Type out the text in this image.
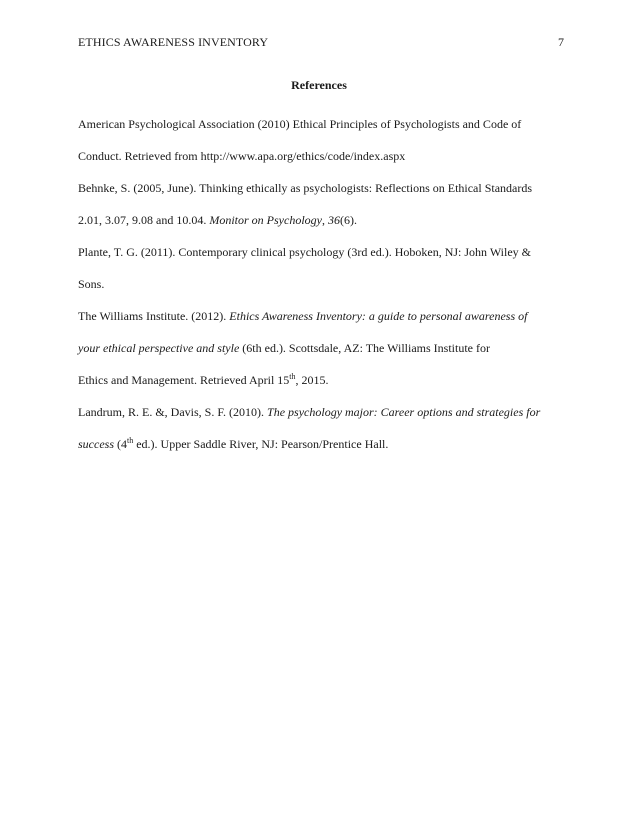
ETHICS AWARENESS INVENTORY	7
References
American Psychological Association (2010) Ethical Principles of Psychologists and Code of
Conduct. Retrieved from http://www.apa.org/ethics/code/index.aspx
Behnke, S. (2005, June). Thinking ethically as psychologists: Reflections on Ethical Standards
2.01, 3.07, 9.08 and 10.04. Monitor on Psychology, 36(6).
Plante, T. G. (2011). Contemporary clinical psychology (3rd ed.). Hoboken, NJ: John Wiley &
Sons.
The Williams Institute. (2012). Ethics Awareness Inventory: a guide to personal awareness of
your ethical perspective and style (6th ed.). Scottsdale, AZ: The Williams Institute for
Ethics and Management. Retrieved April 15th, 2015.
Landrum, R. E. &, Davis, S. F. (2010). The psychology major: Career options and strategies for
success (4th ed.). Upper Saddle River, NJ: Pearson/Prentice Hall.
